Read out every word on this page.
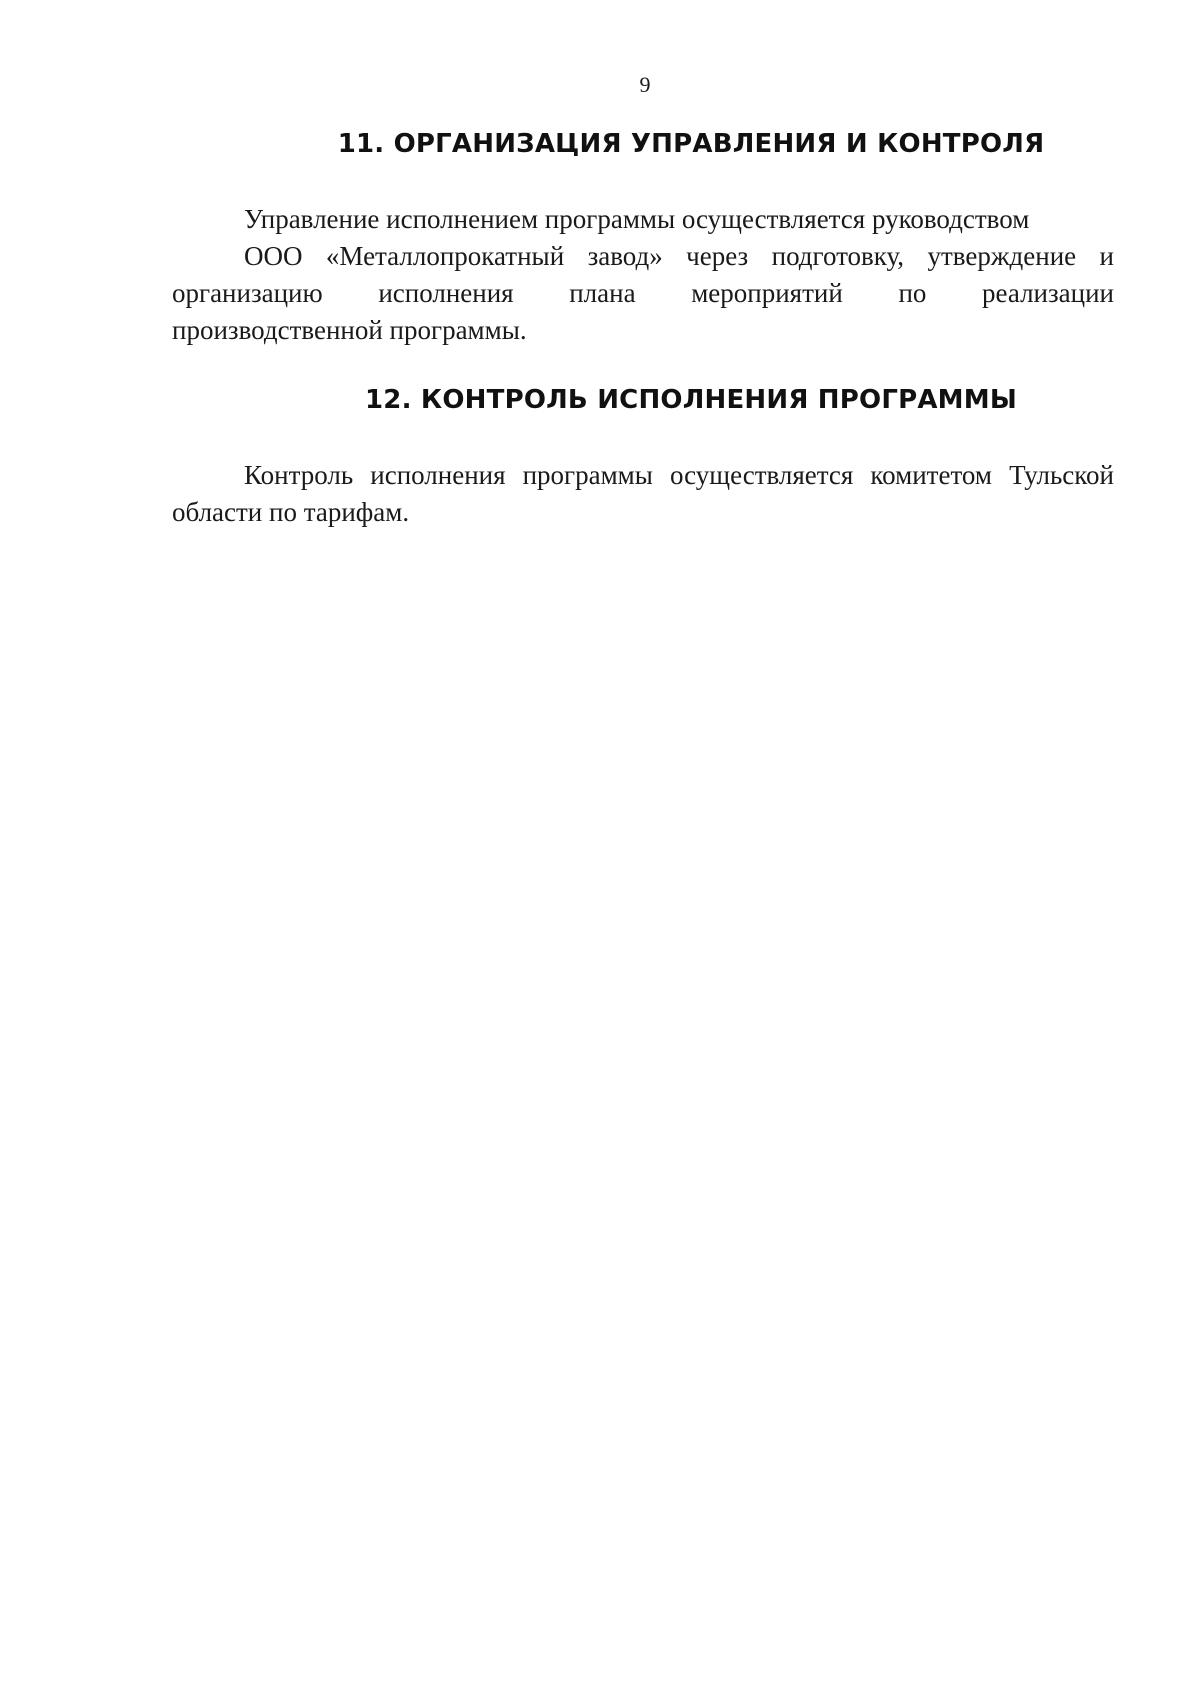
9
11. ОРГАНИЗАЦИЯ УПРАВЛЕНИЯ И КОНТРОЛЯ

Управление исполнением программы осуществляется руководством
ООО «Металлопрокатный завод» через подготовку, утверждение и
организацию исполнения плана мероприятий по реализации
производственной программы.

12. КОНТРОЛЬ ИСПОЛНЕНИЯ ПРОГРАММЫ

Контроль исполнения программы осуществляется комитетом Тульской
области по тарифам.
